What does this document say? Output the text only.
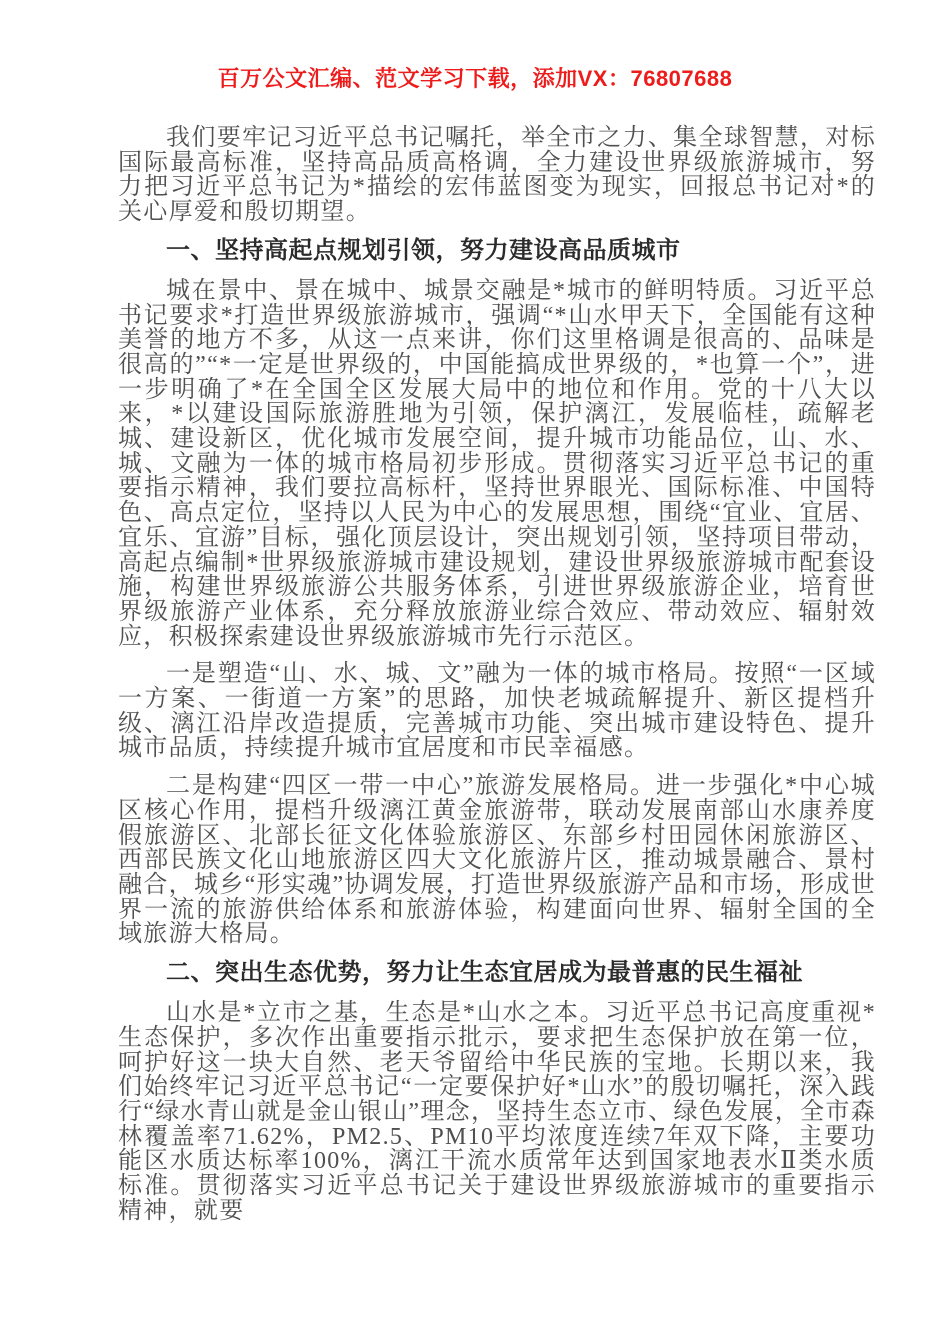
百万公文汇编、范文学习下载，添加VX：76807688

我们要牢记习近平总书记嘱托，举全市之力、集全球智慧，对标国际最高标准，坚持高品质高格调，全力建设世界级旅游城市，努力把习近平总书记为*描绘的宏伟蓝图变为现实，回报总书记对*的关心厚爱和殷切期望。

一、坚持高起点规划引领，努力建设高品质城市

城在景中、景在城中、城景交融是*城市的鲜明特质。习近平总书记要求*打造世界级旅游城市，强调“*山水甲天下，全国能有这种美誉的地方不多，从这一点来讲，你们这里格调是很高的、品味是很高的”“*一定是世界级的，中国能搞成世界级的，*也算一个”，进一步明确了*在全国全区发展大局中的地位和作用。党的十八大以来，*以建设国际旅游胜地为引领，保护漓江，发展临桂，疏解老城、建设新区，优化城市发展空间，提升城市功能品位，山、水、城、文融为一体的城市格局初步形成。贯彻落实习近平总书记的重要指示精神，我们要拉高标杆，坚持世界眼光、国际标准、中国特色、高点定位，坚持以人民为中心的发展思想，围绕“宜业、宜居、宜乐、宜游”目标，强化顶层设计，突出规划引领，坚持项目带动，高起点编制*世界级旅游城市建设规划，建设世界级旅游城市配套设施，构建世界级旅游公共服务体系，引进世界级旅游企业，培育世界级旅游产业体系，充分释放旅游业综合效应、带动效应、辐射效应，积极探索建设世界级旅游城市先行示范区。

一是塑造“山、水、城、文”融为一体的城市格局。按照“一区域一方案、一街道一方案”的思路，加快老城疏解提升、新区提档升级、漓江沿岸改造提质，完善城市功能、突出城市建设特色、提升城市品质，持续提升城市宜居度和市民幸福感。

二是构建“四区一带一中心”旅游发展格局。进一步强化*中心城区核心作用，提档升级漓江黄金旅游带，联动发展南部山水康养度假旅游区、北部长征文化体验旅游区、东部乡村田园休闲旅游区、西部民族文化山地旅游区四大文化旅游片区，推动城景融合、景村融合，城乡“形实魂”协调发展，打造世界级旅游产品和市场，形成世界一流的旅游供给体系和旅游体验，构建面向世界、辐射全国的全域旅游大格局。

二、突出生态优势，努力让生态宜居成为最普惠的民生福祉

山水是*立市之基，生态是*山水之本。习近平总书记高度重视*生态保护，多次作出重要指示批示，要求把生态保护放在第一位，呵护好这一块大自然、老天爷留给中华民族的宝地。长期以来，我们始终牢记习近平总书记“一定要保护好*山水”的殷切嘱托，深入践行“绿水青山就是金山银山”理念，坚持生态立市、绿色发展，全市森林覆盖率71.62%，PM2.5、PM10平均浓度连续7年双下降，主要功能区水质达标率100%，漓江干流水质常年达到国家地表水Ⅱ类水质标准。贯彻落实习近平总书记关于建设世界级旅游城市的重要指示精神，就要
